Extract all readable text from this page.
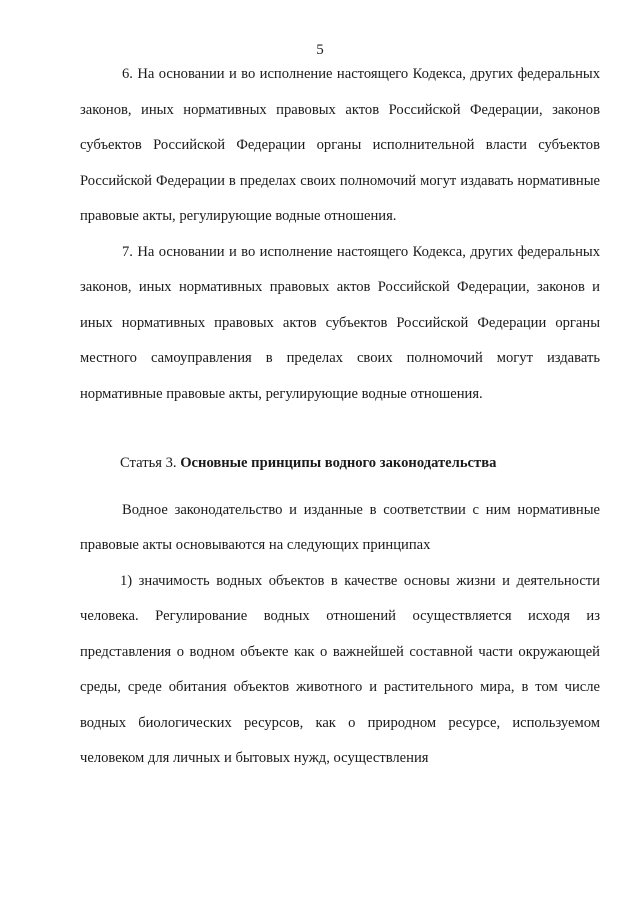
5

6. На основании и во исполнение настоящего Кодекса, других федеральных законов, иных нормативных правовых актов Российской Федерации, законов субъектов Российской Федерации органы исполнительной власти субъектов Российской Федерации в пределах своих полномочий могут издавать нормативные правовые акты, регулирующие водные отношения.

7. На основании и во исполнение настоящего Кодекса, других федеральных законов, иных нормативных правовых актов Российской Федерации, законов и иных нормативных правовых актов субъектов Российской Федерации органы местного самоуправления в пределах своих полномочий могут издавать нормативные правовые акты, регулирующие водные отношения.

Статья 3. Основные принципы водного законодательства

Водное законодательство и изданные в соответствии с ним нормативные правовые акты основываются на следующих принципах

1) значимость водных объектов в качестве основы жизни и деятельности человека. Регулирование водных отношений осуществляется исходя из представления о водном объекте как о важнейшей составной части окружающей среды, среде обитания объектов животного и растительного мира, в том числе водных биологических ресурсов, как о природном ресурсе, используемом человеком для личных и бытовых нужд, осуществления
